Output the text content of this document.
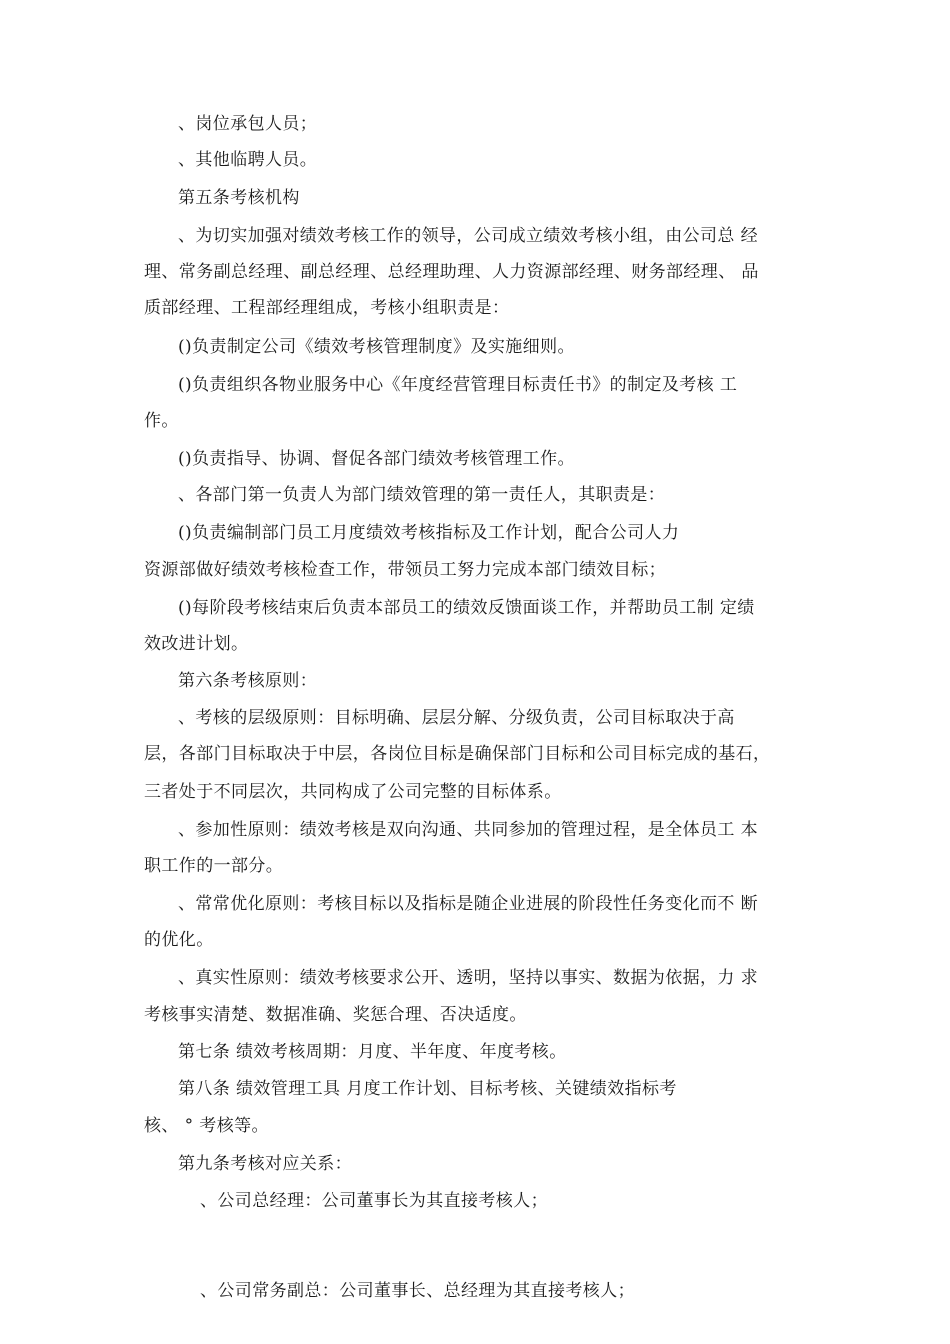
、岗位承包人员；
、其他临聘人员。
第五条考核机构
、为切实加强对绩效考核工作的领导，公司成立绩效考核小组，由公司总 经
理、常务副总经理、副总经理、总经理助理、人力资源部经理、财务部经理、 品
质部经理、工程部经理组成，考核小组职责是：
()负责制定公司《绩效考核管理制度》及实施细则。
()负责组织各物业服务中心《年度经营管理目标责任书》的制定及考核 工
作。
()负责指导、协调、督促各部门绩效考核管理工作。
、各部门第一负责人为部门绩效管理的第一责任人，其职责是：
()负责编制部门员工月度绩效考核指标及工作计划，配合公司人力
资源部做好绩效考核检查工作，带领员工努力完成本部门绩效目标；
()每阶段考核结束后负责本部员工的绩效反馈面谈工作，并帮助员工制 定绩
效改进计划。
第六条考核原则：
、考核的层级原则：目标明确、层层分解、分级负责，公司目标取决于高
层，各部门目标取决于中层，各岗位目标是确保部门目标和公司目标完成的基石，
三者处于不同层次，共同构成了公司完整的目标体系。
、参加性原则：绩效考核是双向沟通、共同参加的管理过程，是全体员工 本
职工作的一部分。
、常常优化原则：考核目标以及指标是随企业进展的阶段性任务变化而不 断
的优化。
、真实性原则：绩效考核要求公开、透明，坚持以事实、数据为依据，力 求
考核事实清楚、数据准确、奖惩合理、否决适度。
第七条 绩效考核周期：月度、半年度、年度考核。
第八条 绩效管理工具 月度工作计划、目标考核、关键绩效指标考
核、 ° 考核等。
第九条考核对应关系：
、公司总经理：公司董事长为其直接考核人；
、公司常务副总：公司董事长、总经理为其直接考核人；
